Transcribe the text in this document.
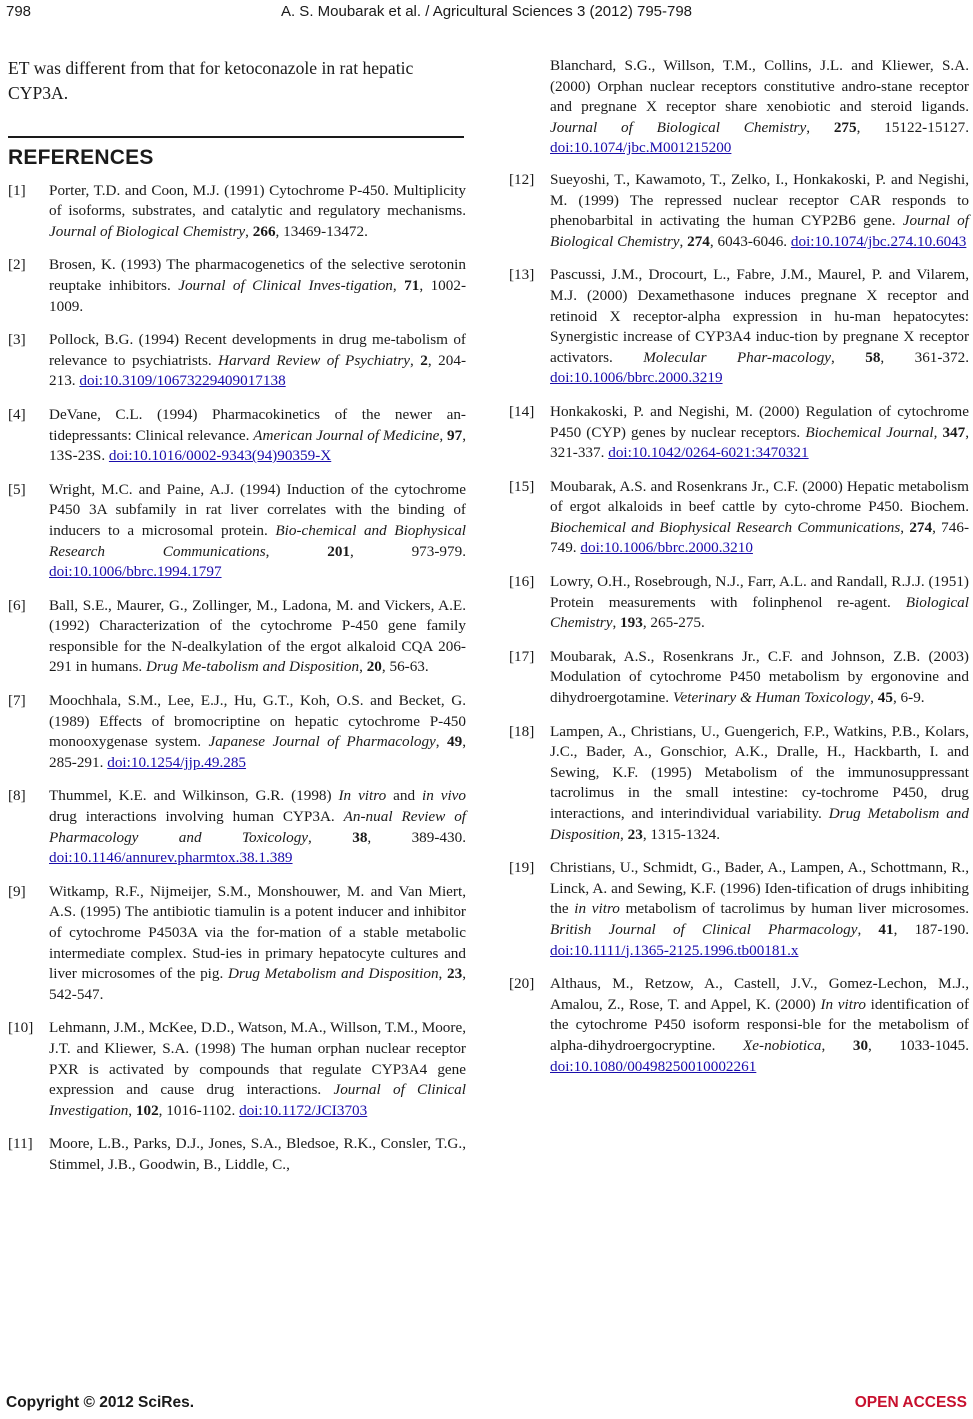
798	A. S. Moubarak et al. / Agricultural Sciences 3 (2012) 795-798

ET was different from that for ketoconazole in rat hepatic CYP3A.

REFERENCES
[1] Porter, T.D. and Coon, M.J. (1991) Cytochrome P-450. Multiplicity of isoforms, substrates, and catalytic and regulatory mechanisms. Journal of Biological Chemistry, 266, 13469-13472.
[2] Brosen, K. (1993) The pharmacogenetics of the selective serotonin reuptake inhibitors. Journal of Clinical Inves-tigation, 71, 1002-1009.
[3] Pollock, B.G. (1994) Recent developments in drug me-tabolism of relevance to psychiatrists. Harvard Review of Psychiatry, 2, 204-213. doi:10.3109/10673229409017138
[4] DeVane, C.L. (1994) Pharmacokinetics of the newer an-tidepressants: Clinical relevance. American Journal of Medicine, 97, 13S-23S. doi:10.1016/0002-9343(94)90359-X
[5] Wright, M.C. and Paine, A.J. (1994) Induction of the cytochrome P450 3A subfamily in rat liver correlates with the binding of inducers to a microsomal protein. Bio-chemical and Biophysical Research Communications, 201, 973-979. doi:10.1006/bbrc.1994.1797
[6] Ball, S.E., Maurer, G., Zollinger, M., Ladona, M. and Vickers, A.E. (1992) Characterization of the cytochrome P-450 gene family responsible for the N-dealkylation of the ergot alkaloid CQA 206-291 in humans. Drug Me-tabolism and Disposition, 20, 56-63.
[7] Moochhala, S.M., Lee, E.J., Hu, G.T., Koh, O.S. and Becket, G. (1989) Effects of bromocriptine on hepatic cytochrome P-450 monooxygenase system. Japanese Journal of Pharmacology, 49, 285-291. doi:10.1254/jjp.49.285
[8] Thummel, K.E. and Wilkinson, G.R. (1998) In vitro and in vivo drug interactions involving human CYP3A. An-nual Review of Pharmacology and Toxicology, 38, 389-430. doi:10.1146/annurev.pharmtox.38.1.389
[9] Witkamp, R.F., Nijmeijer, S.M., Monshouwer, M. and Van Miert, A.S. (1995) The antibiotic tiamulin is a potent inducer and inhibitor of cytochrome P4503A via the for-mation of a stable metabolic intermediate complex. Stud-ies in primary hepatocyte cultures and liver microsomes of the pig. Drug Metabolism and Disposition, 23, 542-547.
[10] Lehmann, J.M., McKee, D.D., Watson, M.A., Willson, T.M., Moore, J.T. and Kliewer, S.A. (1998) The human orphan nuclear receptor PXR is activated by compounds that regulate CYP3A4 gene expression and cause drug interactions. Journal of Clinical Investigation, 102, 1016-1102. doi:10.1172/JCI3703
[11] Moore, L.B., Parks, D.J., Jones, S.A., Bledsoe, R.K., Consler, T.G., Stimmel, J.B., Goodwin, B., Liddle, C.,
Blanchard, S.G., Willson, T.M., Collins, J.L. and Kliewer, S.A. (2000) Orphan nuclear receptors constitutive andro-stane receptor and pregnane X receptor share xenobiotic and steroid ligands. Journal of Biological Chemistry, 275, 15122-15127. doi:10.1074/jbc.M001215200
[12] Sueyoshi, T., Kawamoto, T., Zelko, I., Honkakoski, P. and Negishi, M. (1999) The repressed nuclear receptor CAR responds to phenobarbital in activating the human CYP2B6 gene. Journal of Biological Chemistry, 274, 6043-6046. doi:10.1074/jbc.274.10.6043
[13] Pascussi, J.M., Drocourt, L., Fabre, J.M., Maurel, P. and Vilarem, M.J. (2000) Dexamethasone induces pregnane X receptor and retinoid X receptor-alpha expression in hu-man hepatocytes: Synergistic increase of CYP3A4 induc-tion by pregnane X receptor activators. Molecular Phar-macology, 58, 361-372. doi:10.1006/bbrc.2000.3219
[14] Honkakoski, P. and Negishi, M. (2000) Regulation of cytochrome P450 (CYP) genes by nuclear receptors. Biochemical Journal, 347, 321-337. doi:10.1042/0264-6021:3470321
[15] Moubarak, A.S. and Rosenkrans Jr., C.F. (2000) Hepatic metabolism of ergot alkaloids in beef cattle by cyto-chrome P450. Biochem. Biochemical and Biophysical Research Communications, 274, 746-749. doi:10.1006/bbrc.2000.3210
[16] Lowry, O.H., Rosebrough, N.J., Farr, A.L. and Randall, R.J.J. (1951) Protein measurements with folinphenol re-agent. Biological Chemistry, 193, 265-275.
[17] Moubarak, A.S., Rosenkrans Jr., C.F. and Johnson, Z.B. (2003) Modulation of cytochrome P450 metabolism by ergonovine and dihydroergotamine. Veterinary & Human Toxicology, 45, 6-9.
[18] Lampen, A., Christians, U., Guengerich, F.P., Watkins, P.B., Kolars, J.C., Bader, A., Gonschior, A.K., Dralle, H., Hackbarth, I. and Sewing, K.F. (1995) Metabolism of the immunosuppressant tacrolimus in the small intestine: cy-tochrome P450, drug interactions, and interindividual variability. Drug Metabolism and Disposition, 23, 1315-1324.
[19] Christians, U., Schmidt, G., Bader, A., Lampen, A., Schottmann, R., Linck, A. and Sewing, K.F. (1996) Iden-tification of drugs inhibiting the in vitro metabolism of tacrolimus by human liver microsomes. British Journal of Clinical Pharmacology, 41, 187-190. doi:10.1111/j.1365-2125.1996.tb00181.x
[20] Althaus, M., Retzow, A., Castell, J.V., Gomez-Lechon, M.J., Amalou, Z., Rose, T. and Appel, K. (2000) In vitro identification of the cytochrome P450 isoform responsi-ble for the metabolism of alpha-dihydroergocryptine. Xe-nobiotica, 30, 1033-1045. doi:10.1080/00498250010002261
Copyright © 2012 SciRes.	OPEN ACCESS
